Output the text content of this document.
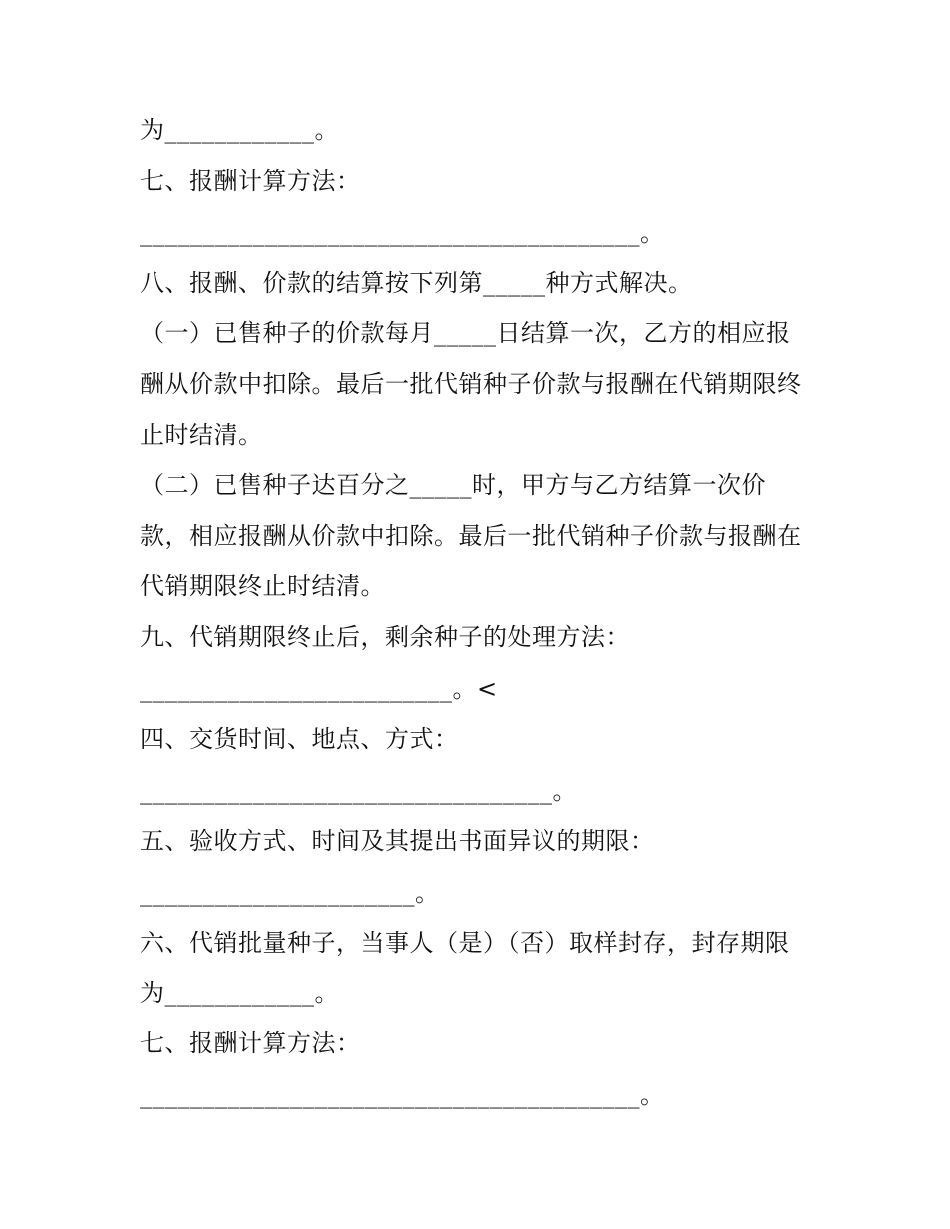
为____________。
七、报酬计算方法：
________________________________________。
八、报酬、价款的结算按下列第_____种方式解决。
（一）已售种子的价款每月_____日结算一次，乙方的相应报
酬从价款中扣除。最后一批代销种子价款与报酬在代销期限终
止时结清。
（二）已售种子达百分之_____时，甲方与乙方结算一次价
款，相应报酬从价款中扣除。最后一批代销种子价款与报酬在
代销期限终止时结清。
九、代销期限终止后，剩余种子的处理方法：
_________________________。<
四、交货时间、地点、方式：
_________________________________。
五、验收方式、时间及其提出书面异议的期限：
______________________。
六、代销批量种子，当事人（是）（否）取样封存，封存期限
为____________。
七、报酬计算方法：
________________________________________。
